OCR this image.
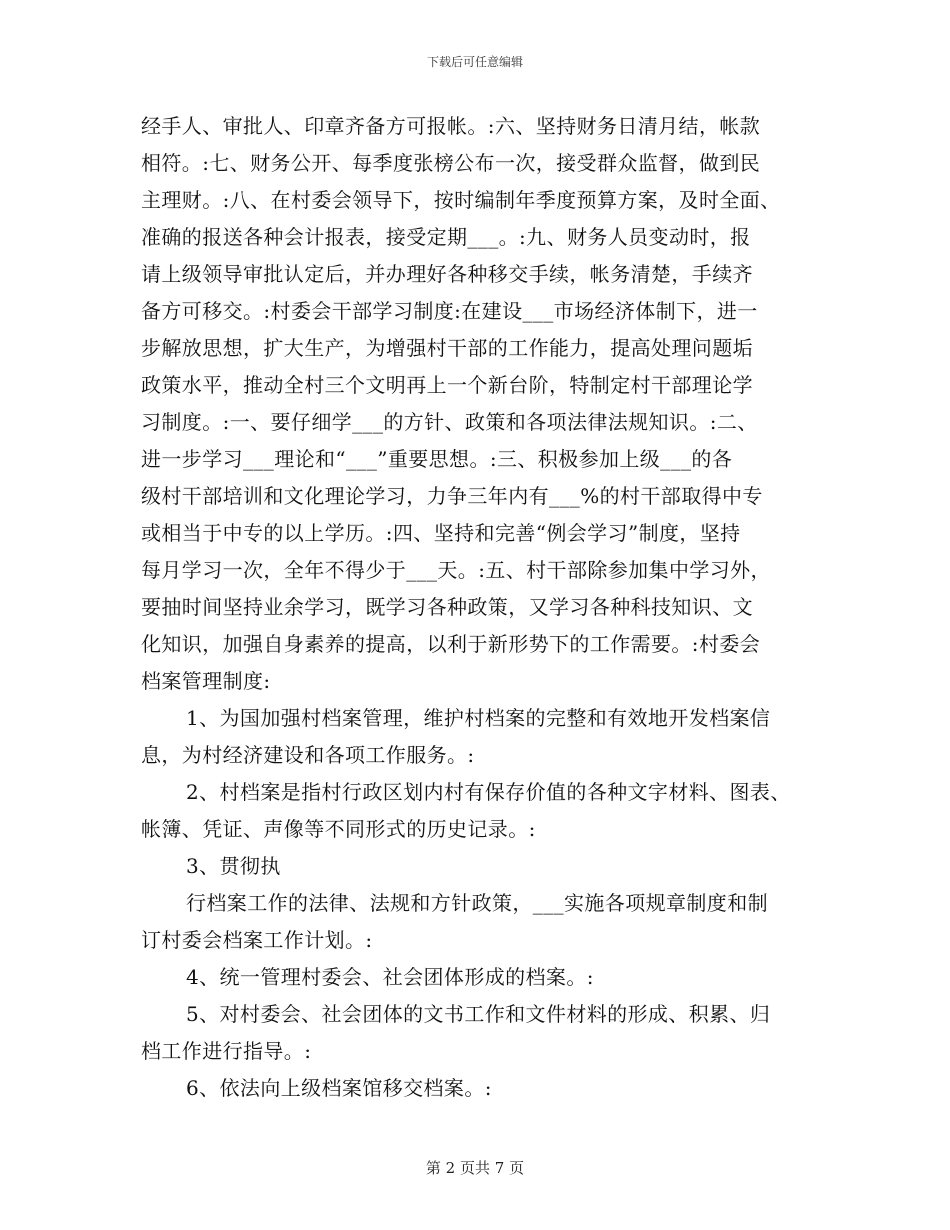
下载后可任意编辑
经手人、审批人、印章齐备方可报帐。:六、坚持财务日清月结，帐款
相符。:七、财务公开、每季度张榜公布一次，接受群众监督，做到民
主理财。:八、在村委会领导下，按时编制年季度预算方案，及时全面、
准确的报送各种会计报表，接受定期___。:九、财务人员变动时，报
请上级领导审批认定后，并办理好各种移交手续，帐务清楚，手续齐
备方可移交。:村委会干部学习制度:在建设___市场经济体制下，进一
步解放思想，扩大生产，为增强村干部的工作能力，提高处理问题垢
政策水平，推动全村三个文明再上一个新台阶，特制定村干部理论学
习制度。:一、要仔细学___的方针、政策和各项法律法规知识。:二、
进一步学习___理论和“___”重要思想。:三、积极参加上级___的各
级村干部培训和文化理论学习，力争三年内有___%的村干部取得中专
或相当于中专的以上学历。:四、坚持和完善“例会学习”制度，坚持
每月学习一次，全年不得少于___天。:五、村干部除参加集中学习外，
要抽时间坚持业余学习，既学习各种政策，又学习各种科技知识、文
化知识，加强自身素养的提高，以利于新形势下的工作需要。:村委会
档案管理制度:
1、为国加强村档案管理，维护村档案的完整和有效地开发档案信
息，为村经济建设和各项工作服务。:
2、村档案是指村行政区划内村有保存价值的各种文字材料、图表、
帐簿、凭证、声像等不同形式的历史记录。:
3、贯彻执
行档案工作的法律、法规和方针政策，___实施各项规章制度和制
订村委会档案工作计划。:
4、统一管理村委会、社会团体形成的档案。:
5、对村委会、社会团体的文书工作和文件材料的形成、积累、归
档工作进行指导。:
6、依法向上级档案馆移交档案。:
第 2 页共 7 页
